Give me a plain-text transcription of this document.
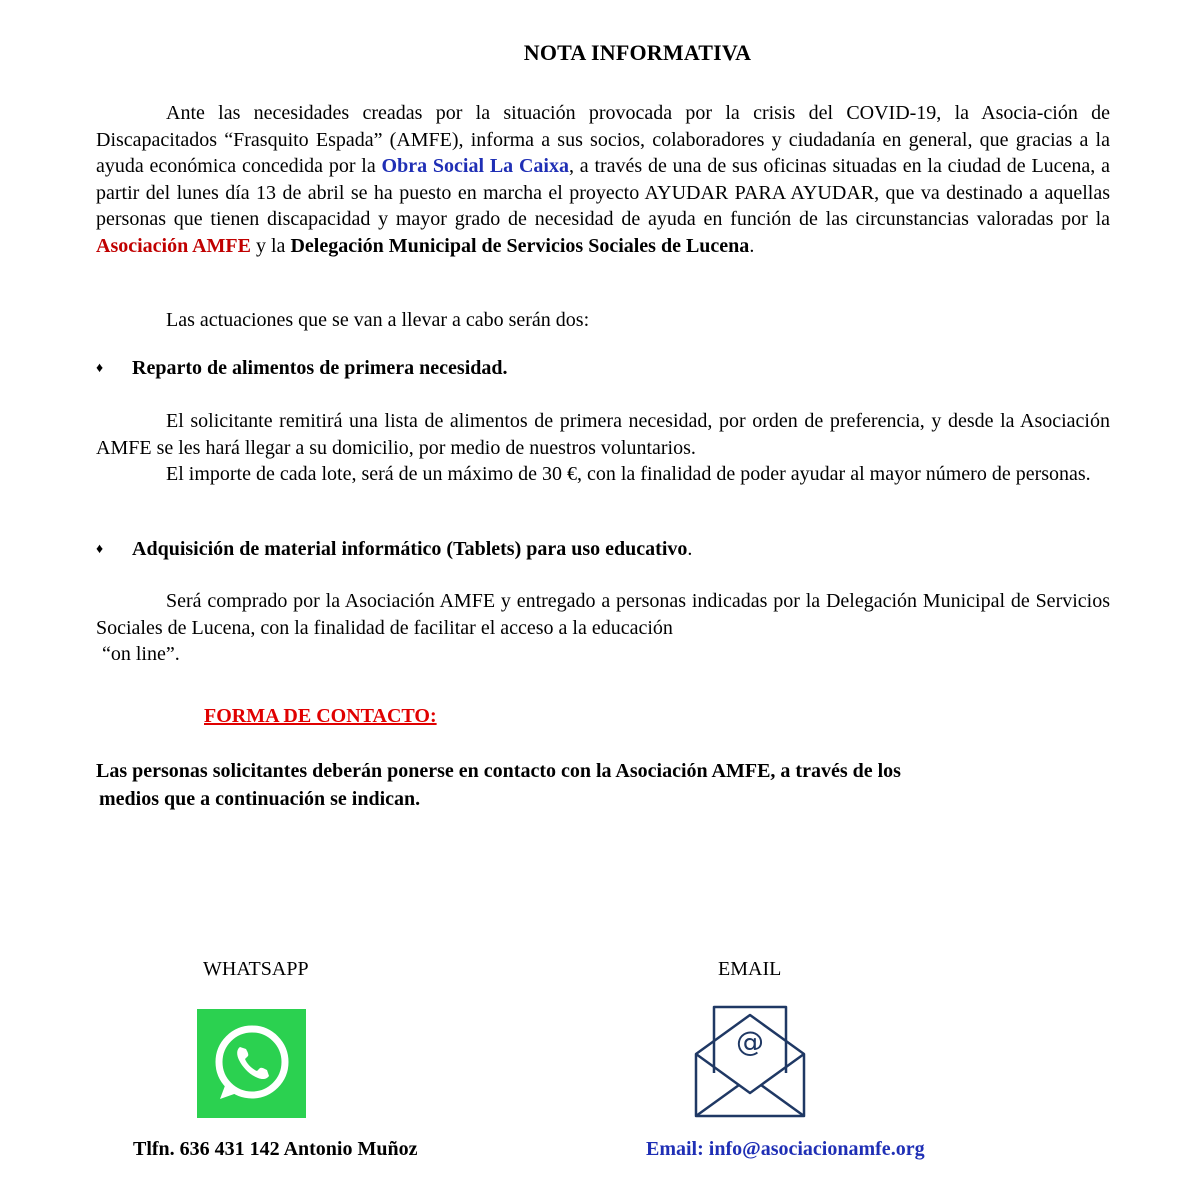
NOTA INFORMATIVA
Ante las necesidades creadas por la situación provocada por la crisis del COVID-19, la Asocia-ción de Discapacitados “Frasquito Espada” (AMFE), informa a sus socios, colaboradores y ciudadanía en general, que gracias a la ayuda económica concedida por la Obra Social La Caixa, a través de una de sus oficinas situadas en la ciudad de Lucena, a partir del lunes día 13 de abril se ha puesto en marcha el proyecto AYUDAR PARA AYUDAR, que va destinado a aquellas personas que tienen discapacidad y mayor grado de necesidad de ayuda en función de las circunstancias valoradas por la Asociación AMFE y la Delegación Municipal de Servicios Sociales de Lucena.
Las actuaciones que se van a llevar a cabo serán dos:
♦ Reparto de alimentos de primera necesidad.
El solicitante remitirá una lista de alimentos de primera necesidad, por orden de preferencia, y desde la Asociación AMFE se les hará llegar a su domicilio, por medio de nuestros voluntarios.
El importe de cada lote, será de un máximo de 30 €, con la finalidad de poder ayudar al mayor número de personas.
♦ Adquisición de material informático (Tablets) para uso educativo.
Será comprado por la Asociación AMFE y entregado a personas indicadas por la Delegación Municipal de Servicios Sociales de Lucena, con la finalidad de facilitar el acceso a la educación
“on line”.
FORMA DE CONTACTO:
Las personas solicitantes deberán ponerse en contacto con la Asociación AMFE, a través de los
medios que a continuación se indican.
WHATSAPP	EMAIL
@
Tlfn. 636 431 142 Antonio Muñoz	Email: info@asociacionamfe.org
